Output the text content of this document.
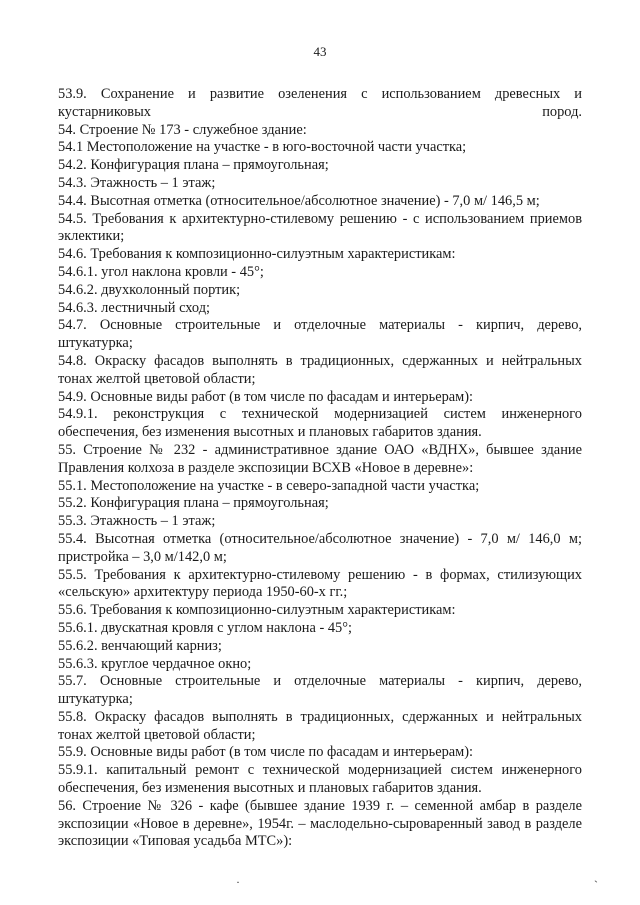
43

53.9. Сохранение и развитие озеленения с использованием древесных и кустарниковых пород.

54. Строение № 173 - служебное здание:

54.1 Местоположение на участке - в юго-восточной части участка;

54.2. Конфигурация плана – прямоугольная;

54.3. Этажность – 1 этаж;

54.4. Высотная отметка (относительное/абсолютное значение) - 7,0 м/ 146,5 м;

54.5. Требования к архитектурно-стилевому решению - с использованием приемов эклектики;

54.6. Требования к композиционно-силуэтным характеристикам:

54.6.1. угол наклона кровли - 45°;

54.6.2. двухколонный портик;

54.6.3. лестничный сход;

54.7. Основные строительные и отделочные материалы - кирпич, дерево, штукатурка;

54.8. Окраску фасадов выполнять в традиционных, сдержанных и нейтральных тонах желтой цветовой области;

54.9. Основные виды работ (в том числе по фасадам и интерьерам):

54.9.1. реконструкция с технической модернизацией систем инженерного обеспечения, без изменения высотных и плановых габаритов здания.

55. Строение № 232 - административное здание ОАО «ВДНХ», бывшее здание Правления колхоза в разделе экспозиции ВСХВ «Новое в деревне»:

55.1. Местоположение на участке - в северо-западной части участка;

55.2. Конфигурация плана – прямоугольная;

55.3. Этажность – 1 этаж;

55.4. Высотная отметка (относительное/абсолютное значение) - 7,0 м/ 146,0 м; пристройка – 3,0 м/142,0 м;

55.5. Требования к архитектурно-стилевому решению - в формах, стилизующих «сельскую» архитектуру периода 1950-60-х гг.;

55.6. Требования к композиционно-силуэтным характеристикам:

55.6.1. двускатная кровля с углом наклона - 45°;

55.6.2. венчающий карниз;

55.6.3. круглое чердачное окно;

55.7. Основные строительные и отделочные материалы - кирпич, дерево, штукатурка;

55.8. Окраску фасадов выполнять в традиционных, сдержанных и нейтральных тонах желтой цветовой области;

55.9. Основные виды работ (в том числе по фасадам и интерьерам):

55.9.1. капитальный ремонт с технической модернизацией систем инженерного обеспечения, без изменения высотных и плановых габаритов здания.

56. Строение № 326 - кафе (бывшее здание 1939 г. – семенной амбар в разделе экспозиции «Новое в деревне», 1954г. – маслодельно-сыроваренный завод в разделе экспозиции «Типовая усадьба МТС»):

·	ˏ
